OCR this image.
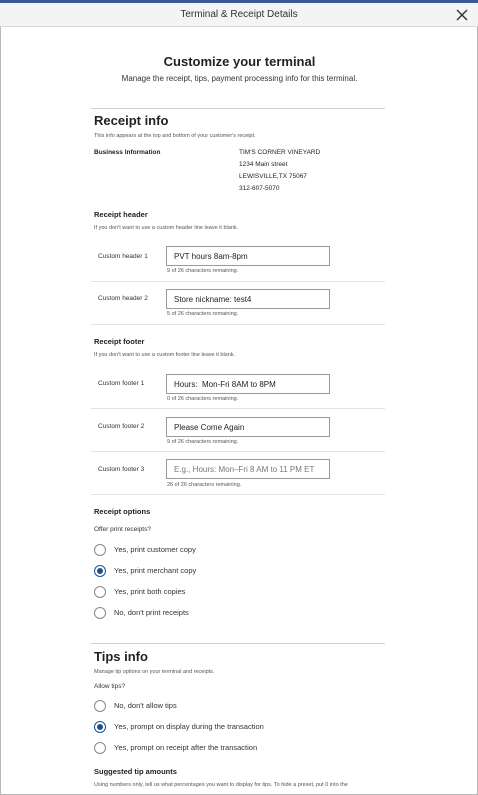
Terminal & Receipt Details
Customize your terminal
Manage the receipt, tips, payment processing info for this terminal.
Receipt info
This info appears at the top and bottom of your customer's receipt.
Business Information	TIM'S CORNER VINEYARD
1234 Main street
LEWISVILLE,TX 75067
312-607-5070
Receipt header
If you don't want to use a custom header line leave it blank.
Custom header 1
PVT hours 8am-8pm
9 of 26 characters remaining.
Custom header 2
Store nickname: test4
5 of 26 characters remaining.
Receipt footer
If you don't want to use a custom footer line leave it blank.
Custom footer 1
Hours: Mon-Fri 8AM to 8PM
0 of 26 characters remaining.
Custom footer 2
Please Come Again
9 of 26 characters remaining.
Custom footer 3
E.g., Hours: Mon–Fri 8 AM to 11 PM ET
26 of 26 characters remaining.
Receipt options
Offer print receipts?
Yes, print customer copy
Yes, print merchant copy
Yes, print both copies
No, don't print receipts
Tips info
Manage tip options on your terminal and receipts.
Allow tips?
No, don't allow tips
Yes, prompt on display during the transaction
Yes, prompt on receipt after the transaction
Suggested tip amounts
Using numbers only, tell us what percentages you want to display for tips. To hide a preset, put 0 into the
